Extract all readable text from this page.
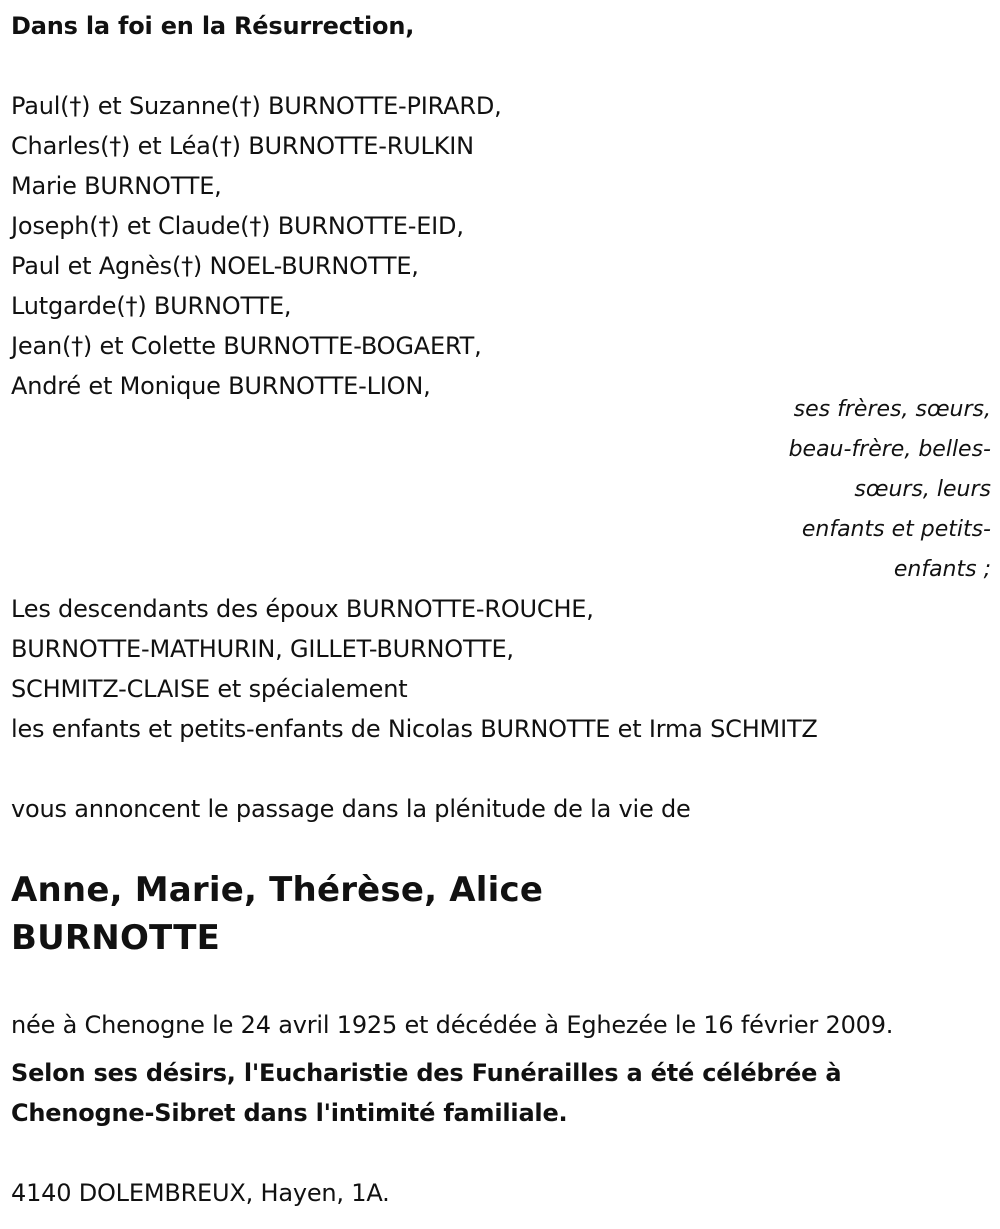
Dans la foi en la Résurrection,
Paul(†) et Suzanne(†) BURNOTTE-PIRARD,
Charles(†) et Léa(†) BURNOTTE-RULKIN
Marie BURNOTTE,
Joseph(†) et Claude(†) BURNOTTE-EID,
Paul et Agnès(†) NOEL-BURNOTTE,
Lutgarde(†) BURNOTTE,
Jean(†) et Colette BURNOTTE-BOGAERT,
André et Monique BURNOTTE-LION,
ses frères, sœurs,
beau-frère, belles-
sœurs, leurs
enfants et petits-
enfants ;
Les descendants des époux BURNOTTE-ROUCHE,
BURNOTTE-MATHURIN, GILLET-BURNOTTE,
SCHMITZ-CLAISE et spécialement
les enfants et petits-enfants de Nicolas BURNOTTE et Irma SCHMITZ
vous annoncent le passage dans la plénitude de la vie de
Anne, Marie, Thérèse, Alice
BURNOTTE
née à Chenogne le 24 avril 1925 et décédée à Eghezée le 16 février 2009.
Selon ses désirs, l'Eucharistie des Funérailles a été célébrée à
Chenogne-Sibret dans l'intimité familiale.
4140 DOLEMBREUX, Hayen, 1A.
